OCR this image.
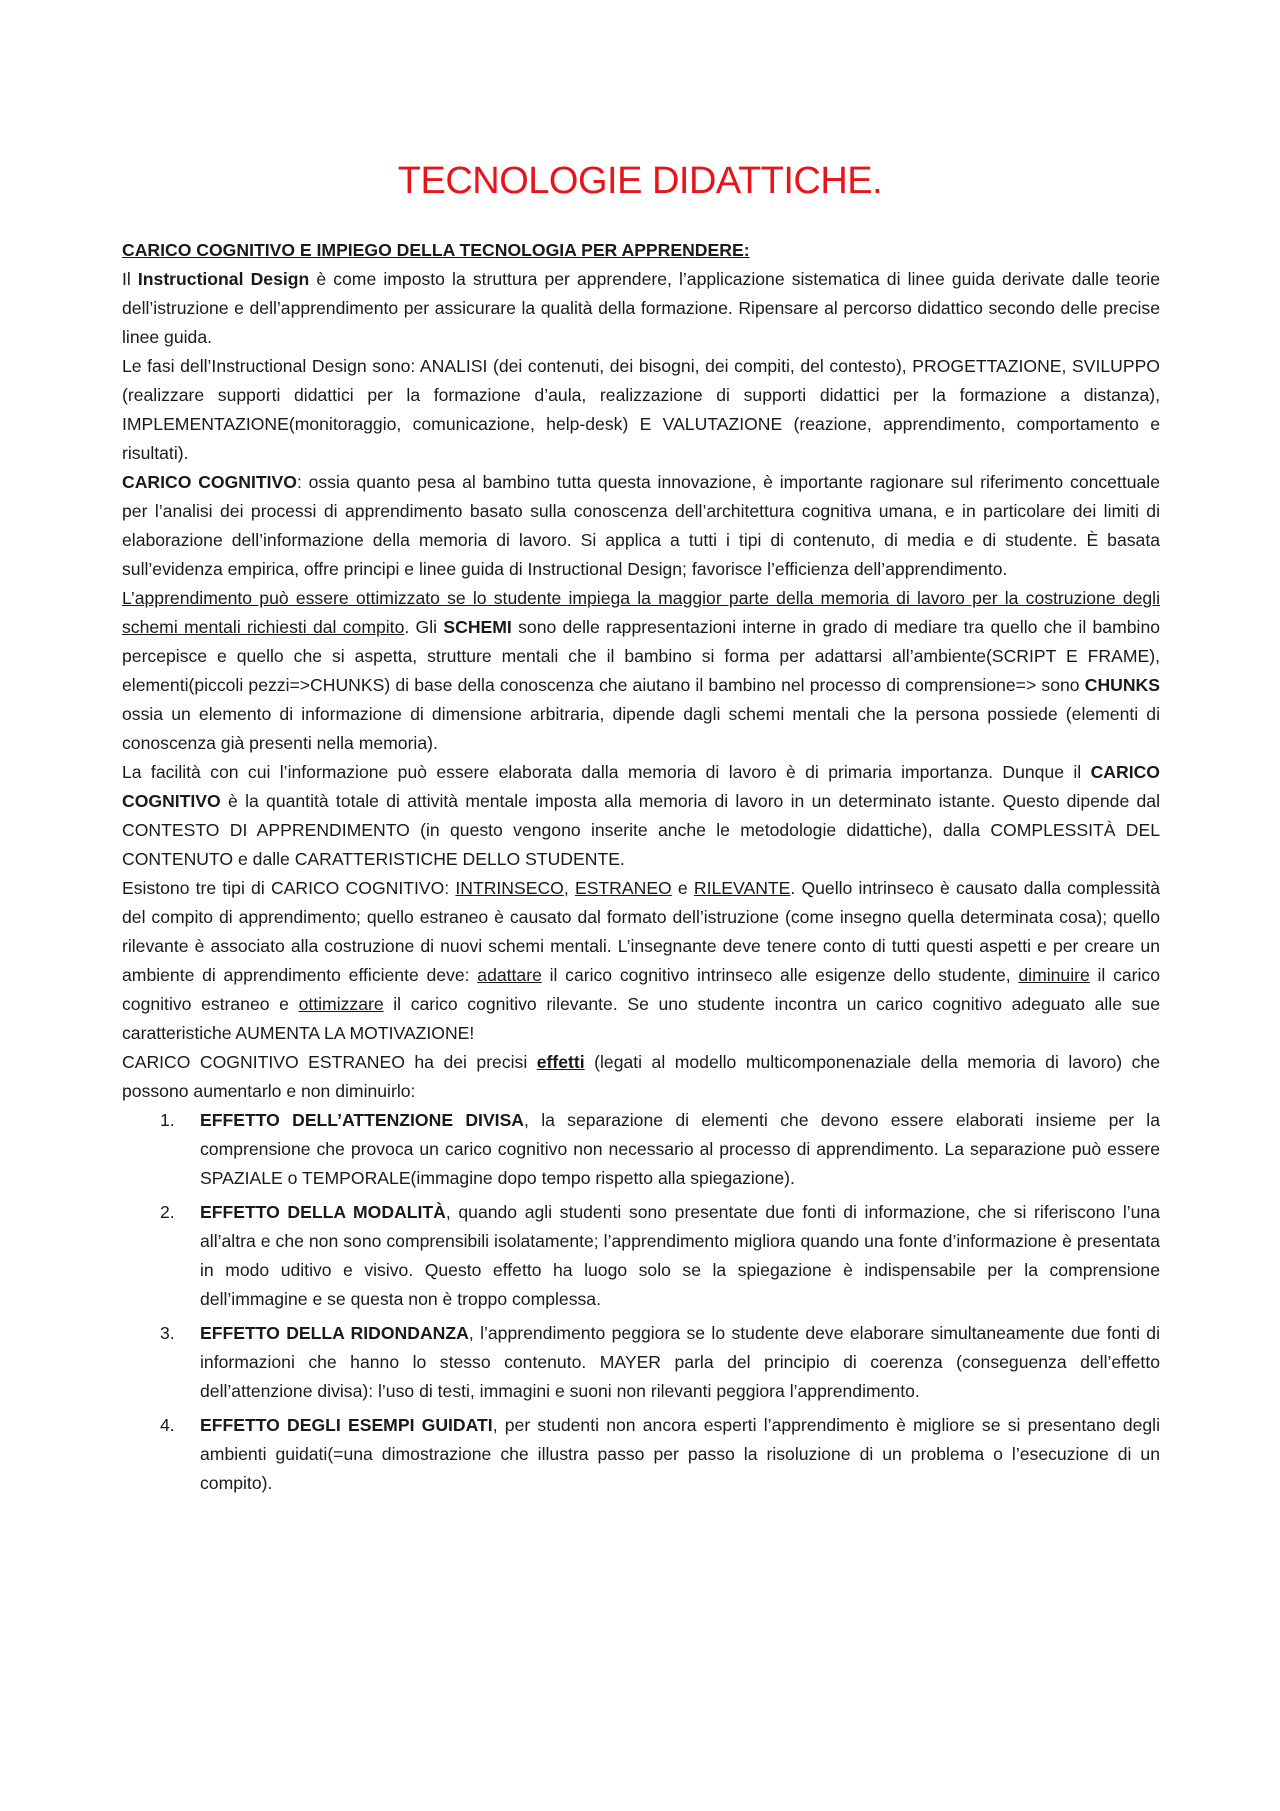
TECNOLOGIE DIDATTICHE.

CARICO COGNITIVO E IMPIEGO DELLA TECNOLOGIA PER APPRENDERE:

Il Instructional Design è come imposto la struttura per apprendere, l’applicazione sistematica di linee guida derivate dalle teorie dell’istruzione e dell’apprendimento per assicurare la qualità della formazione. Ripensare al percorso didattico secondo delle precise linee guida.

Le fasi dell’Instructional Design sono: ANALISI (dei contenuti, dei bisogni, dei compiti, del contesto), PROGETTAZIONE, SVILUPPO (realizzare supporti didattici per la formazione d’aula, realizzazione di supporti didattici per la formazione a distanza), IMPLEMENTAZIONE(monitoraggio, comunicazione, help-desk) E VALUTAZIONE (reazione, apprendimento, comportamento e risultati).

CARICO COGNITIVO: ossia quanto pesa al bambino tutta questa innovazione, è importante ragionare sul riferimento concettuale per l’analisi dei processi di apprendimento basato sulla conoscenza dell’architettura cognitiva umana, e in particolare dei limiti di elaborazione dell’informazione della memoria di lavoro. Si applica a tutti i tipi di contenuto, di media e di studente. È basata sull’evidenza empirica, offre principi e linee guida di Instructional Design; favorisce l’efficienza dell’apprendimento.

L’apprendimento può essere ottimizzato se lo studente impiega la maggior parte della memoria di lavoro per la costruzione degli schemi mentali richiesti dal compito. Gli SCHEMI sono delle rappresentazioni interne in grado di mediare tra quello che il bambino percepisce e quello che si aspetta, strutture mentali che il bambino si forma per adattarsi all’ambiente(SCRIPT E FRAME), elementi(piccoli pezzi=>CHUNKS) di base della conoscenza che aiutano il bambino nel processo di comprensione=> sono CHUNKS ossia un elemento di informazione di dimensione arbitraria, dipende dagli schemi mentali che la persona possiede (elementi di conoscenza già presenti nella memoria).

La facilità con cui l’informazione può essere elaborata dalla memoria di lavoro è di primaria importanza. Dunque il CARICO COGNITIVO è la quantità totale di attività mentale imposta alla memoria di lavoro in un determinato istante. Questo dipende dal CONTESTO DI APPRENDIMENTO (in questo vengono inserite anche le metodologie didattiche), dalla COMPLESSITÀ DEL CONTENUTO e dalle CARATTERISTICHE DELLO STUDENTE.

Esistono tre tipi di CARICO COGNITIVO: INTRINSECO, ESTRANEO e RILEVANTE. Quello intrinseco è causato dalla complessità del compito di apprendimento; quello estraneo è causato dal formato dell’istruzione (come insegno quella determinata cosa); quello rilevante è associato alla costruzione di nuovi schemi mentali. L’insegnante deve tenere conto di tutti questi aspetti e per creare un ambiente di apprendimento efficiente deve: adattare il carico cognitivo intrinseco alle esigenze dello studente, diminuire il carico cognitivo estraneo e ottimizzare il carico cognitivo rilevante. Se uno studente incontra un carico cognitivo adeguato alle sue caratteristiche AUMENTA LA MOTIVAZIONE!

CARICO COGNITIVO ESTRANEO ha dei precisi effetti (legati al modello multicomponenaziale della memoria di lavoro) che possono aumentarlo e non diminuirlo:

1. EFFETTO DELL’ATTENZIONE DIVISA, la separazione di elementi che devono essere elaborati insieme per la comprensione che provoca un carico cognitivo non necessario al processo di apprendimento. La separazione può essere SPAZIALE o TEMPORALE(immagine dopo tempo rispetto alla spiegazione).
2. EFFETTO DELLA MODALITÀ, quando agli studenti sono presentate due fonti di informazione, che si riferiscono l’una all’altra e che non sono comprensibili isolatamente; l’apprendimento migliora quando una fonte d’informazione è presentata in modo uditivo e visivo. Questo effetto ha luogo solo se la spiegazione è indispensabile per la comprensione dell’immagine e se questa non è troppo complessa.
3. EFFETTO DELLA RIDONDANZA, l’apprendimento peggiora se lo studente deve elaborare simultaneamente due fonti di informazioni che hanno lo stesso contenuto. MAYER parla del principio di coerenza (conseguenza dell’effetto dell’attenzione divisa): l’uso di testi, immagini e suoni non rilevanti peggiora l’apprendimento.
4. EFFETTO DEGLI ESEMPI GUIDATI, per studenti non ancora esperti l’apprendimento è migliore se si presentano degli ambienti guidati(=una dimostrazione che illustra passo per passo la risoluzione di un problema o l’esecuzione di un compito).
